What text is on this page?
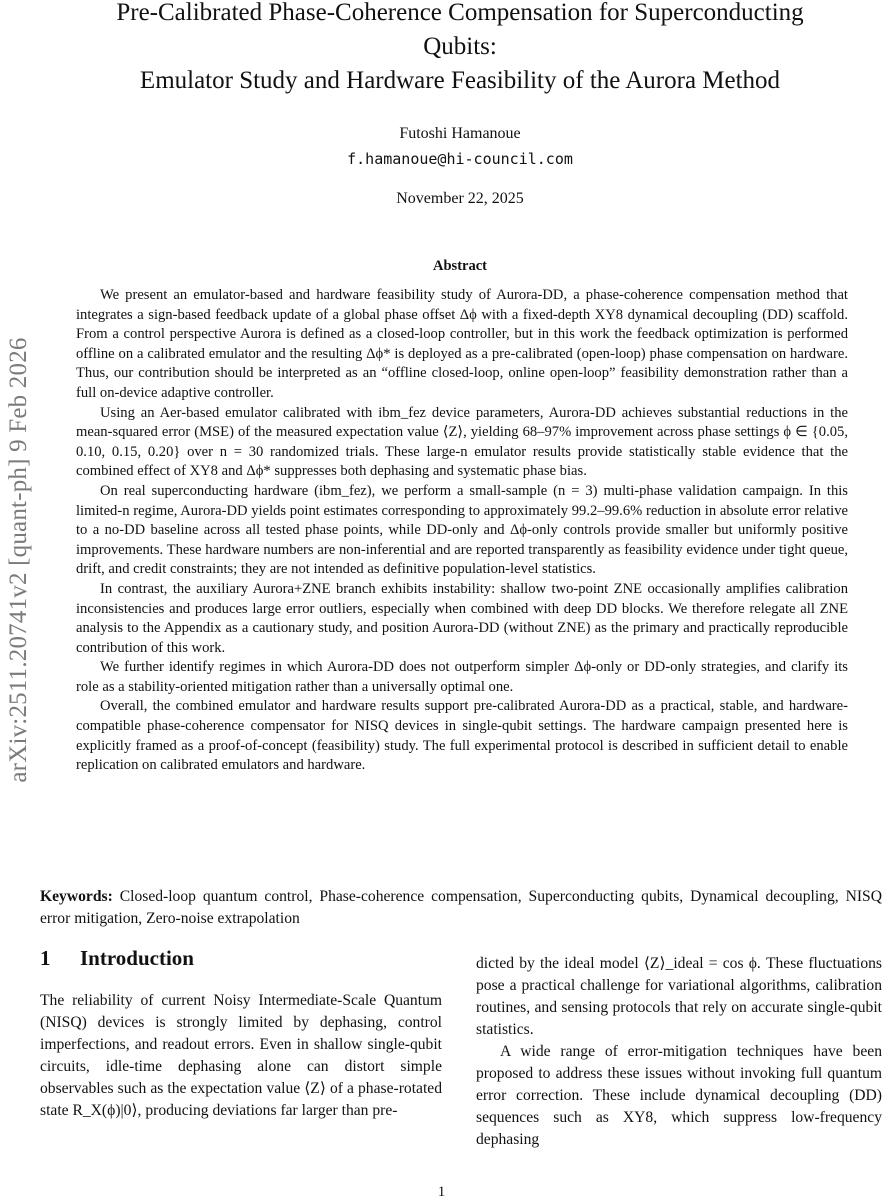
arXiv:2511.20741v2 [quant-ph] 9 Feb 2026
Pre-Calibrated Phase-Coherence Compensation for Superconducting
Qubits:
Emulator Study and Hardware Feasibility of the Aurora Method
Futoshi Hamanoue
f.hamanoue@hi-council.com
November 22, 2025
Abstract

We present an emulator-based and hardware feasibility study of Aurora-DD, a phase-coherence compensation method that integrates a sign-based feedback update of a global phase offset Δϕ with a fixed-depth XY8 dynamical decoupling (DD) scaffold. From a control perspective Aurora is defined as a closed-loop controller, but in this work the feedback optimization is performed offline on a calibrated emulator and the resulting Δϕ* is deployed as a pre-calibrated (open-loop) phase compensation on hardware. Thus, our contribution should be interpreted as an “offline closed-loop, online open-loop” feasibility demonstration rather than a full on-device adaptive controller.

Using an Aer-based emulator calibrated with ibm_fez device parameters, Aurora-DD achieves substantial reductions in the mean-squared error (MSE) of the measured expectation value ⟨Z⟩, yielding 68–97% improvement across phase settings ϕ ∈ {0.05, 0.10, 0.15, 0.20} over n = 30 randomized trials. These large-n emulator results provide statistically stable evidence that the combined effect of XY8 and Δϕ* suppresses both dephasing and systematic phase bias.

On real superconducting hardware (ibm_fez), we perform a small-sample (n = 3) multi-phase validation campaign. In this limited-n regime, Aurora-DD yields point estimates corresponding to approximately 99.2–99.6% reduction in absolute error relative to a no-DD baseline across all tested phase points, while DD-only and Δϕ-only controls provide smaller but uniformly positive improvements. These hardware numbers are non-inferential and are reported transparently as feasibility evidence under tight queue, drift, and credit constraints; they are not intended as definitive population-level statistics.

In contrast, the auxiliary Aurora+ZNE branch exhibits instability: shallow two-point ZNE occasionally amplifies calibration inconsistencies and produces large error outliers, especially when combined with deep DD blocks. We therefore relegate all ZNE analysis to the Appendix as a cautionary study, and position Aurora-DD (without ZNE) as the primary and practically reproducible contribution of this work.

We further identify regimes in which Aurora-DD does not outperform simpler Δϕ-only or DD-only strategies, and clarify its role as a stability-oriented mitigation rather than a universally optimal one.

Overall, the combined emulator and hardware results support pre-calibrated Aurora-DD as a practical, stable, and hardware-compatible phase-coherence compensator for NISQ devices in single-qubit settings. The hardware campaign presented here is explicitly framed as a proof-of-concept (feasibility) study. The full experimental protocol is described in sufficient detail to enable replication on calibrated emulators and hardware.

Keywords: Closed-loop quantum control, Phase-coherence compensation, Superconducting qubits, Dynamical decoupling, NISQ error mitigation, Zero-noise extrapolation
1 Introduction

The reliability of current Noisy Intermediate-Scale Quantum (NISQ) devices is strongly limited by dephasing, control imperfections, and readout errors. Even in shallow single-qubit circuits, idle-time dephasing alone can distort simple observables such as the expectation value ⟨Z⟩ of a phase-rotated state R_X(ϕ)|0⟩, producing deviations far larger than pre-

dicted by the ideal model ⟨Z⟩_ideal = cos ϕ. These fluctuations pose a practical challenge for variational algorithms, calibration routines, and sensing protocols that rely on accurate single-qubit statistics.

A wide range of error-mitigation techniques have been proposed to address these issues without invoking full quantum error correction. These include dynamical decoupling (DD) sequences such as XY8, which suppress low-frequency dephasing

1
